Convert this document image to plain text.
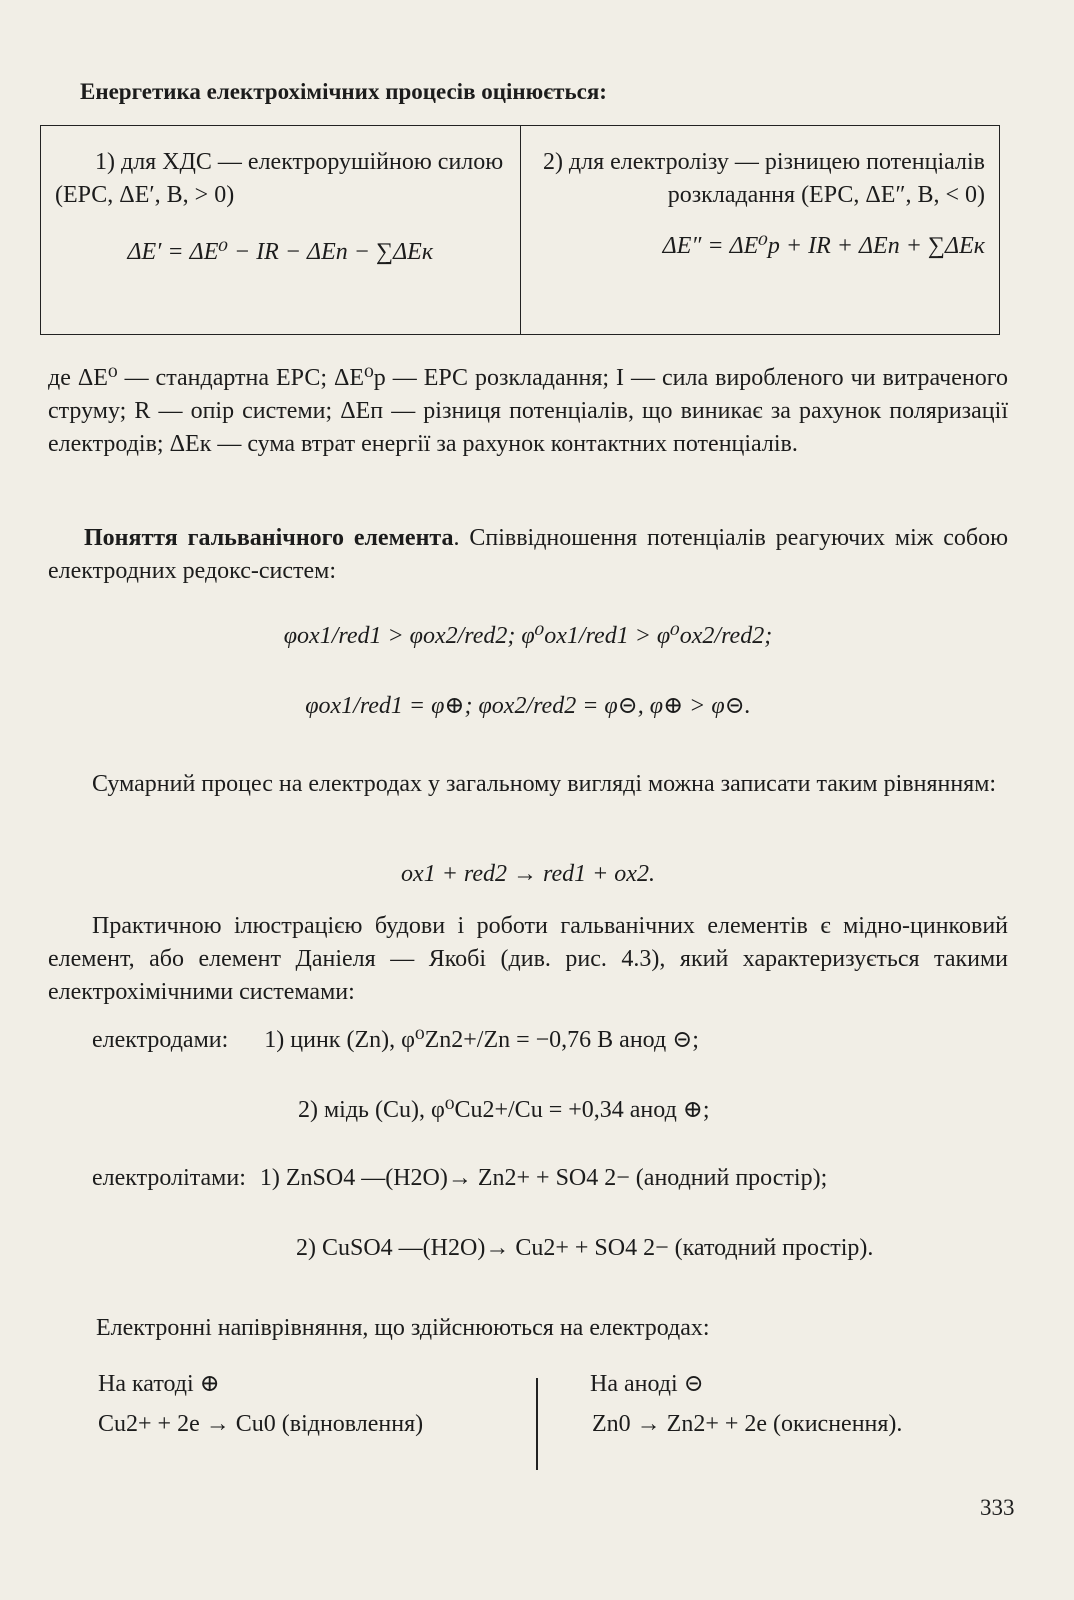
Енергетика електрохімічних процесів оцінюється:

1) для ХДС — електрорушійною силою (ЕРС, ΔE′, В, > 0)

ΔE′ = ΔE⁰ − IR − ΔEп − ∑ΔEк

2) для електролізу — різницею потенціалів розкладання (ЕРС, ΔE″, В, < 0)

ΔE″ = ΔE⁰р + IR + ΔEп + ∑ΔEк

де ΔE⁰ — стандартна ЕРС; ΔE⁰р — ЕРС розкладання; I — сила виробленого чи витраченого струму; R — опір системи; ΔEп — різниця потенціалів, що виникає за рахунок поляризації електродів; ΔEк — сума втрат енергії за рахунок контактних потенціалів.
Поняття гальванічного елемента. Співвідношення потенціалів реагуючих між собою електродних редокс-систем:
φox1/red1 > φox2/red2; φ⁰ox1/red1 > φ⁰ox2/red2;
φox1/red1 = φ⊕; φox2/red2 = φ⊝, φ⊕ > φ⊝.
Сумарний процес на електродах у загальному вигляді можна записати таким рівнянням:
ox1 + red2 → red1 + ox2.
Практичною ілюстрацією будови і роботи гальванічних елементів є мідно-цинковий елемент, або елемент Даніеля — Якобі (див. рис. 4.3), який характеризується такими електрохімічними системами:
електродами: 1) цинк (Zn), φ⁰Zn2+/Zn = −0,76 В анод ⊝;
2) мідь (Cu), φ⁰Cu2+/Cu = +0,34 анод ⊕;
електролітами: 1) ZnSO4 —(H2O)→ Zn2+ + SO4 2− (анодний простір);
2) CuSO4 —(H2O)→ Cu2+ + SO4 2− (катодний простір).
Електронні напіврівняння, що здійснюються на електродах:
На катоді ⊕
Cu2+ + 2e → Cu0 (відновлення)
На аноді ⊝
Zn0 → Zn2+ + 2e (окиснення).
333
